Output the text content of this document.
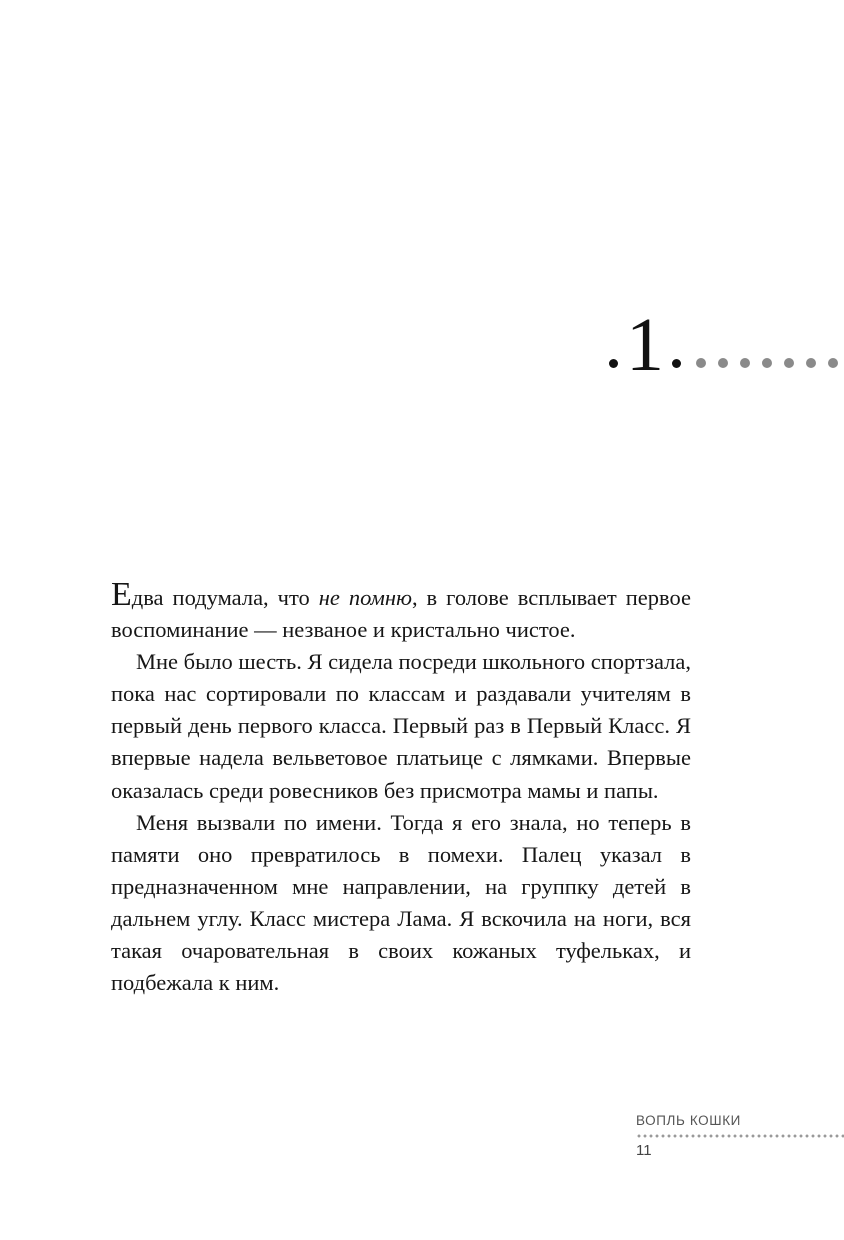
1

Едва подумала, что не помню, в голове всплывает первое воспоминание — незваное и кристально чистое.

Мне было шесть. Я сидела посреди школьного спортзала, пока нас сортировали по классам и раздавали учителям в первый день первого класса. Первый раз в Первый Класс. Я впервые надела вельветовое платьице с лямками. Впервые оказалась среди ровесников без присмотра мамы и папы.

Меня вызвали по имени. Тогда я его знала, но теперь в памяти оно превратилось в помехи. Палец указал в предназначенном мне направлении, на группку детей в дальнем углу. Класс мистера Лама. Я вскочила на ноги, вся такая очаровательная в своих кожаных туфельках, и подбежала к ним.

ВОПЛЬ КОШКИ
11
